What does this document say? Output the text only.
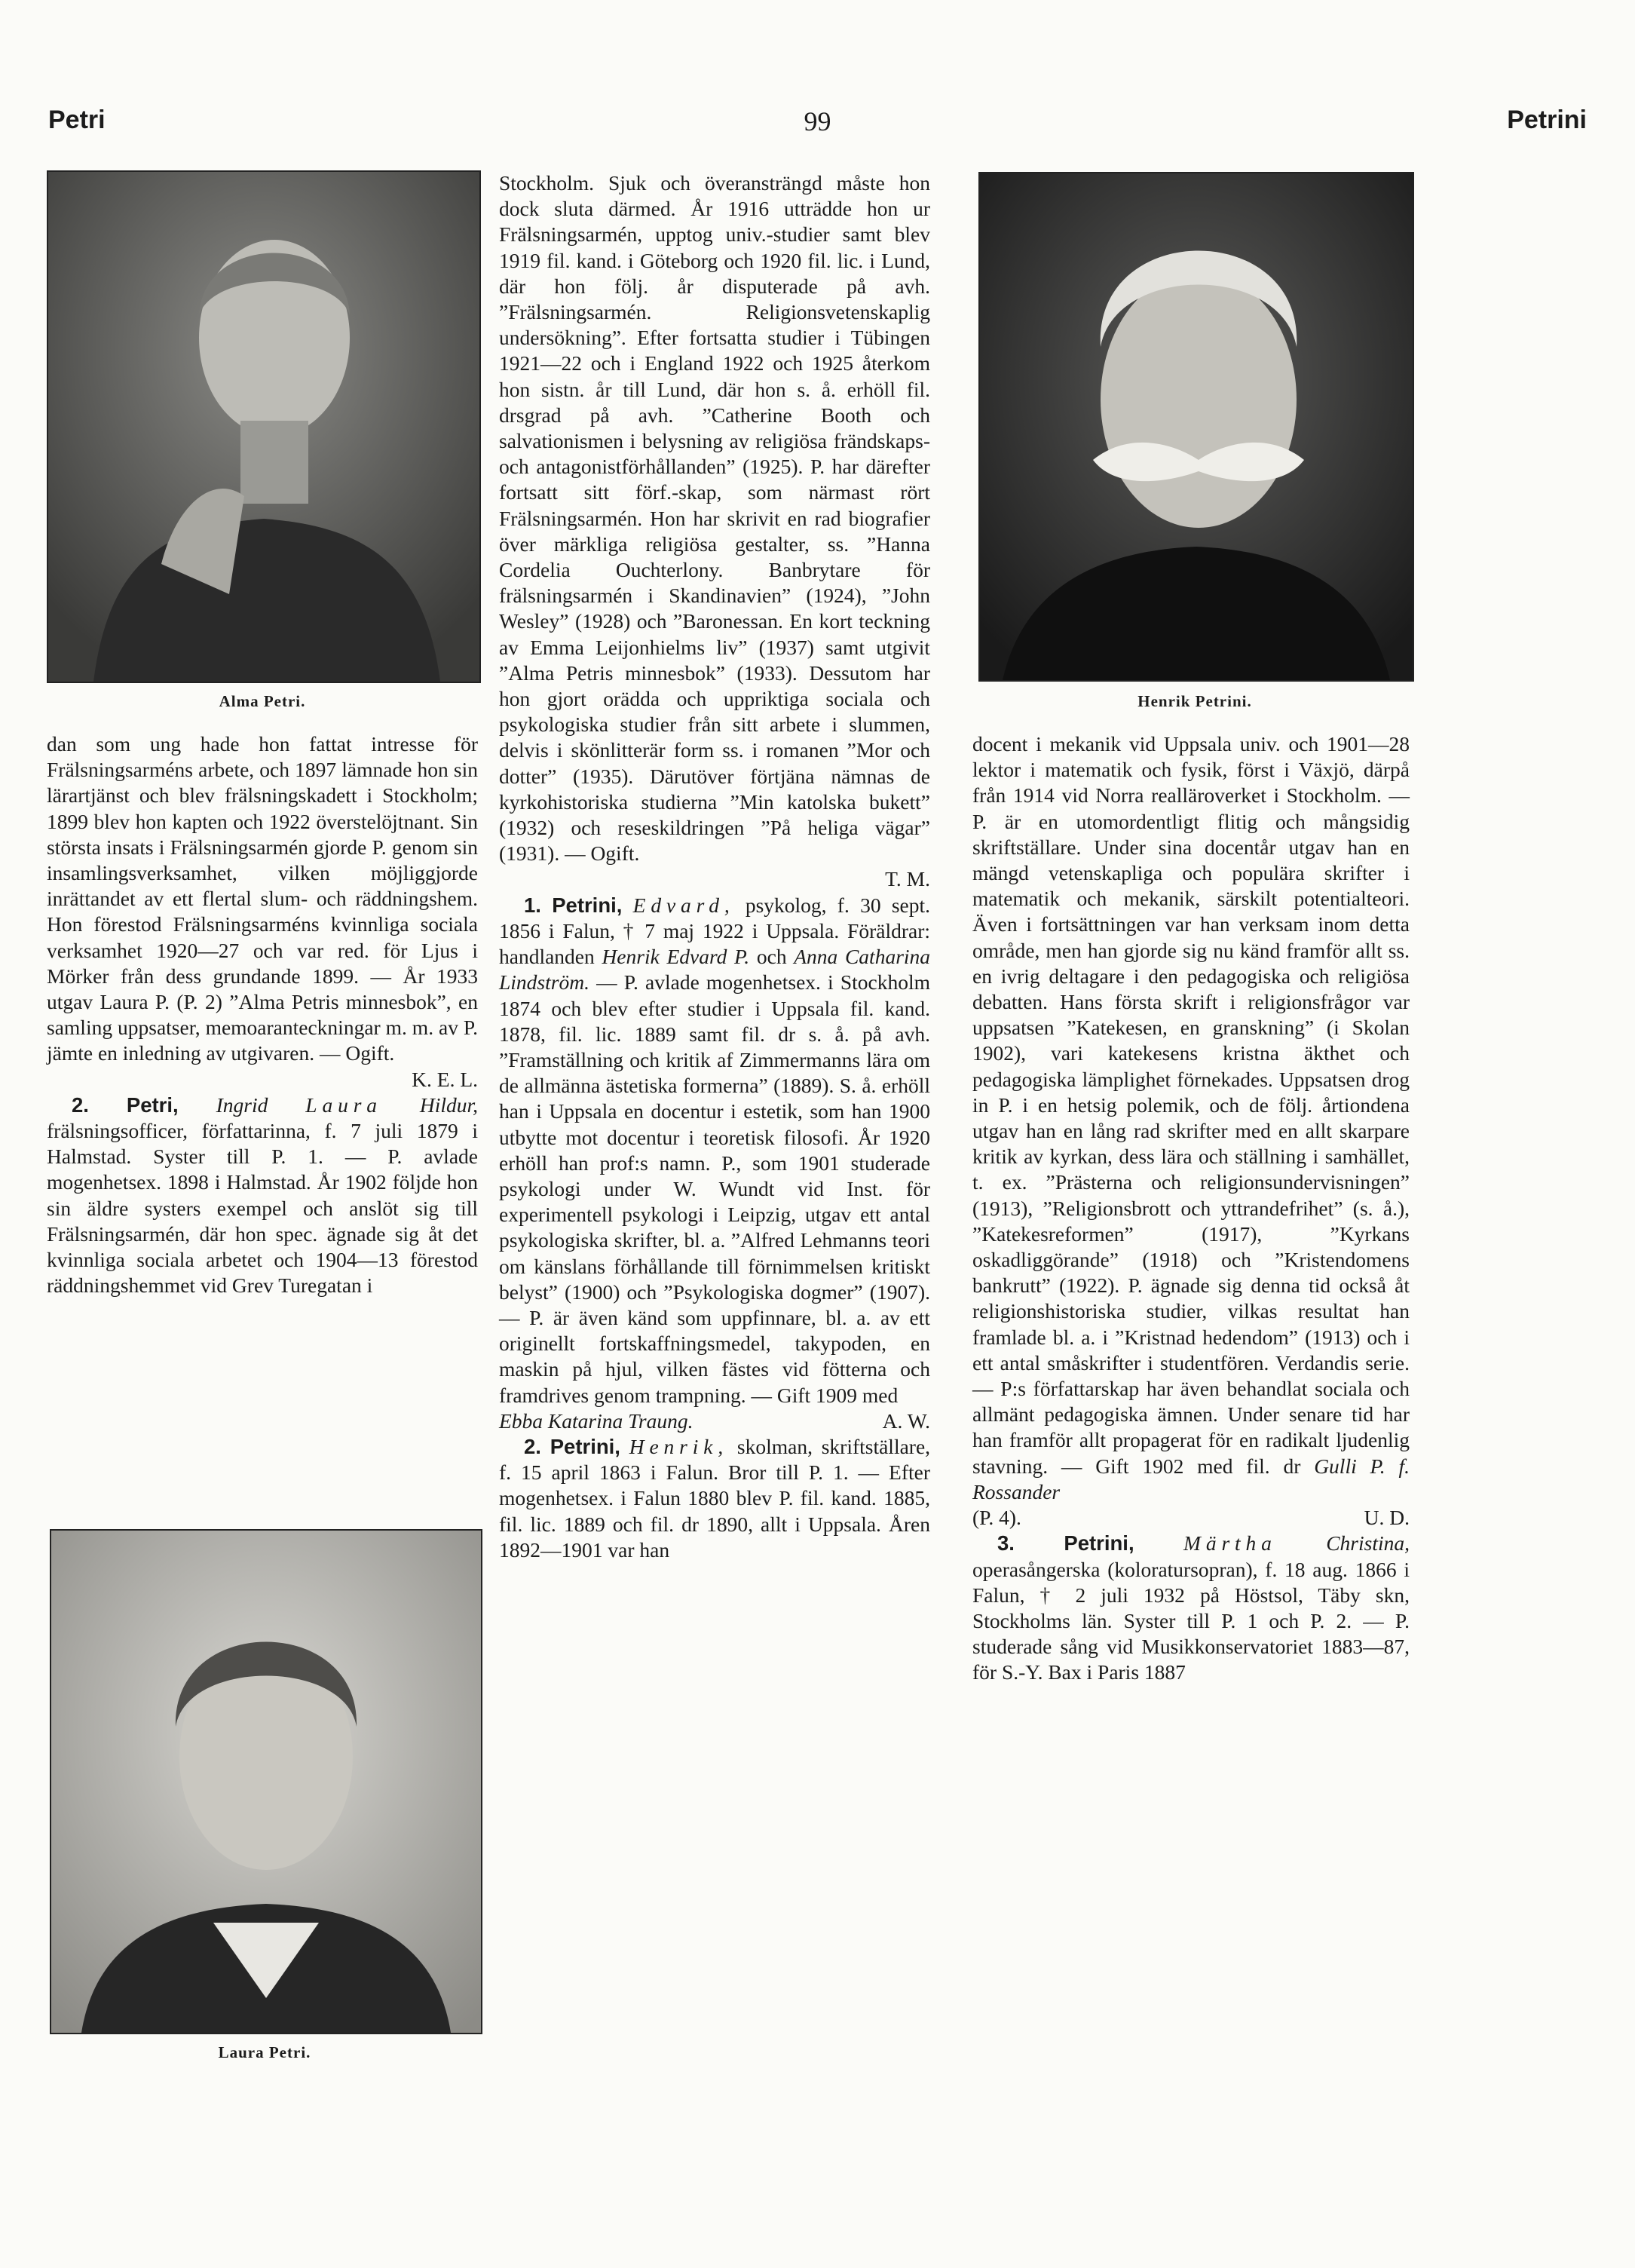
Petri	99	Petrini
Alma Petri.
Laura Petri.
Henrik Petrini.

dan som ung hade hon fattat intresse för Frälsningsarméns arbete, och 1897 lämnade hon sin lärartjänst och blev frälsningskadett i Stockholm; 1899 blev hon kapten och 1922 överstelöjtnant. Sin största insats i Frälsningsarmén gjorde P. genom sin insamlingsverksamhet, vilken möjliggjorde inrättandet av ett flertal slum- och räddningshem. Hon förestod Frälsningsarméns kvinnliga sociala verksamhet 1920—27 och var red. för Ljus i Mörker från dess grundande 1899. — År 1933 utgav Laura P. (P. 2) ”Alma Petris minnesbok”, en samling uppsatser, memoaranteckningar m. m. av P. jämte en inledning av utgivaren. — Ogift.

K. E. L.

2. Petri, Ingrid Laura Hildur, frälsningsofficer, författarinna, f. 7 juli 1879 i Halmstad. Syster till P. 1. — P. avlade mogenhetsex. 1898 i Halmstad. År 1902 följde hon sin äldre systers exempel och anslöt sig till Frälsningsarmén, där hon spec. ägnade sig åt det kvinnliga sociala arbetet och 1904—13 förestod räddningshemmet vid Grev Turegatan i

Stockholm. Sjuk och överansträngd måste hon dock sluta därmed. År 1916 utträdde hon ur Frälsningsarmén, upptog univ.-studier samt blev 1919 fil. kand. i Göteborg och 1920 fil. lic. i Lund, där hon följ. år disputerade på avh. ”Frälsningsarmén. Religionsvetenskaplig undersökning”. Efter fortsatta studier i Tübingen 1921—22 och i England 1922 och 1925 återkom hon sistn. år till Lund, där hon s. å. erhöll fil. drsgrad på avh. ”Catherine Booth och salvationismen i belysning av religiösa frändskaps- och antagonistförhållanden” (1925). P. har därefter fortsatt sitt förf.-skap, som närmast rört Frälsningsarmén. Hon har skrivit en rad biografier över märkliga religiösa gestalter, ss. ”Hanna Cordelia Ouchterlony. Banbrytare för frälsningsarmén i Skandinavien” (1924), ”John Wesley” (1928) och ”Baronessan. En kort teckning av Emma Leijonhielms liv” (1937) samt utgivit ”Alma Petris minnesbok” (1933). Dessutom har hon gjort orädda och uppriktiga sociala och psykologiska studier från sitt arbete i slummen, delvis i skönlitterär form ss. i romanen ”Mor och dotter” (1935). Därutöver förtjäna nämnas de kyrkohistoriska studierna ”Min katolska bukett” (1932) och reseskildringen ”På heliga vägar” (1931). — Ogift.

T. M.

1. Petrini, Edvard, psykolog, f. 30 sept. 1856 i Falun, † 7 maj 1922 i Uppsala. Föräldrar: handlanden Henrik Edvard P. och Anna Catharina Lindström. — P. avlade mogenhetsex. i Stockholm 1874 och blev efter studier i Uppsala fil. kand. 1878, fil. lic. 1889 samt fil. dr s. å. på avh. ”Framställning och kritik af Zimmermanns lära om de allmänna ästetiska formerna” (1889). S. å. erhöll han i Uppsala en docentur i estetik, som han 1900 utbytte mot docentur i teoretisk filosofi. År 1920 erhöll han prof:s namn. P., som 1901 studerade psykologi under W. Wundt vid Inst. för experimentell psykologi i Leipzig, utgav ett antal psykologiska skrifter, bl. a. ”Alfred Lehmanns teori om känslans förhållande till förnimmelsen kritiskt belyst” (1900) och ”Psykologiska dogmer” (1907). — P. är även känd som uppfinnare, bl. a. av ett originellt fortskaffningsmedel, takypoden, en maskin på hjul, vilken fästes vid fötterna och framdrives genom trampning. — Gift 1909 med

Ebba Katarina Traung.	A. W.

2. Petrini, Henrik, skolman, skriftställare, f. 15 april 1863 i Falun. Bror till P. 1. — Efter mogenhetsex. i Falun 1880 blev P. fil. kand. 1885, fil. lic. 1889 och fil. dr 1890, allt i Uppsala. Åren 1892—1901 var han

docent i mekanik vid Uppsala univ. och 1901—28 lektor i matematik och fysik, först i Växjö, därpå från 1914 vid Norra realläroverket i Stockholm. — P. är en utomordentligt flitig och mångsidig skriftställare. Under sina docentår utgav han en mängd vetenskapliga och populära skrifter i matematik och mekanik, särskilt potentialteori. Även i fortsättningen var han verksam inom detta område, men han gjorde sig nu känd framför allt ss. en ivrig deltagare i den pedagogiska och religiösa debatten. Hans första skrift i religionsfrågor var uppsatsen ”Katekesen, en granskning” (i Skolan 1902), vari katekesens kristna äkthet och pedagogiska lämplighet förnekades. Uppsatsen drog in P. i en hetsig polemik, och de följ. årtiondena utgav han en lång rad skrifter med en allt skarpare kritik av kyrkan, dess lära och ställning i samhället, t. ex. ”Prästerna och religionsundervisningen” (1913), ”Religionsbrott och yttrandefrihet” (s. å.), ”Katekesreformen” (1917), ”Kyrkans oskadliggörande” (1918) och ”Kristendomens bankrutt” (1922). P. ägnade sig denna tid också åt religionshistoriska studier, vilkas resultat han framlade bl. a. i ”Kristnad hedendom” (1913) och i ett antal småskrifter i studentfören. Verdandis serie. — P:s författarskap har även behandlat sociala och allmänt pedagogiska ämnen. Under senare tid har han framför allt propagerat för en radikalt ljudenlig stavning. — Gift 1902 med fil. dr Gulli P. f. Rossander

(P. 4).	U. D.

3. Petrini, Märtha Christina, operasångerska (koloratursopran), f. 18 aug. 1866 i Falun, † 2 juli 1932 på Höstsol, Täby skn, Stockholms län. Syster till P. 1 och P. 2. — P. studerade sång vid Musikkonservatoriet 1883—87, för S.-Y. Bax i Paris 1887
